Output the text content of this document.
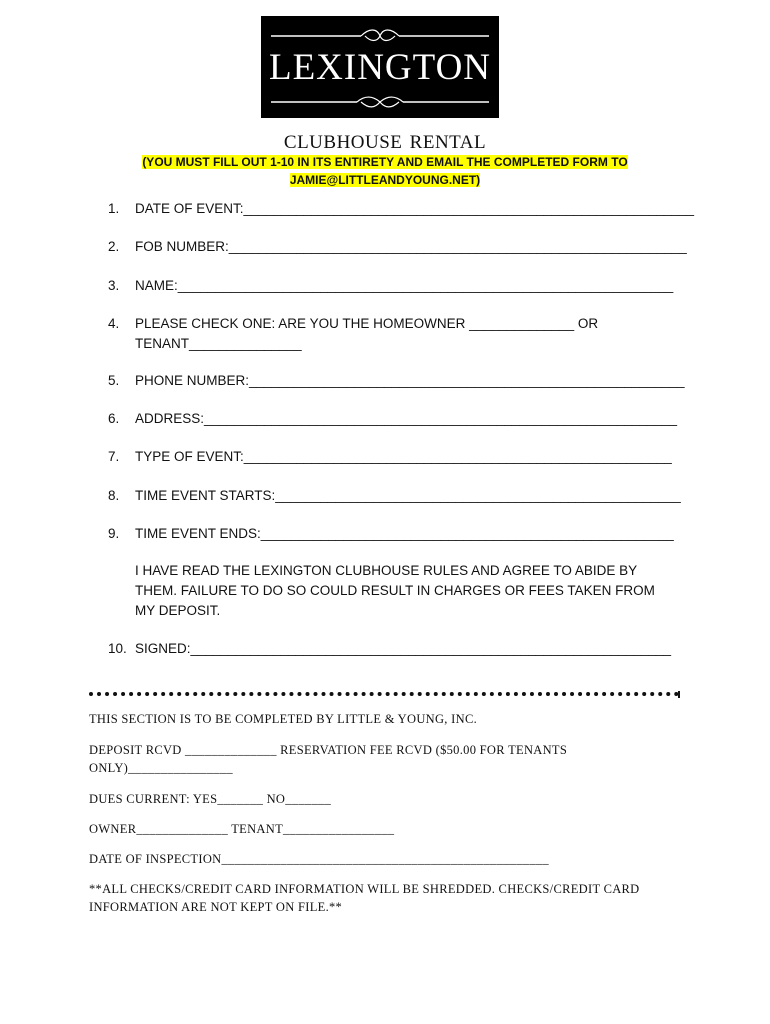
LEXINGTON
clubhouse rental
(YOU MUST FILL OUT 1-10 IN ITS ENTIRETY AND EMAIL THE COMPLETED FORM TO
JAMIE@LITTLEANDYOUNG.NET)
1. DATE OF EVENT:____________________________________________________________
2. FOB NUMBER:_____________________________________________________________
3. NAME:__________________________________________________________________
4. PLEASE CHECK ONE: ARE YOU THE HOMEOWNER ______________ OR
TENANT_______________
5. PHONE NUMBER:__________________________________________________________
6. ADDRESS:_______________________________________________________________
7. TYPE OF EVENT:_________________________________________________________
8. TIME EVENT STARTS:______________________________________________________
9. TIME EVENT ENDS:_______________________________________________________
I HAVE READ THE LEXINGTON CLUBHOUSE RULES AND AGREE TO ABIDE BY THEM. FAILURE TO DO SO COULD RESULT IN CHARGES OR FEES TAKEN FROM MY DEPOSIT.
10. SIGNED:________________________________________________________________
THIS SECTION IS TO BE COMPLETED BY LITTLE & YOUNG, INC.
DEPOSIT RCVD ______________ RESERVATION FEE RCVD ($50.00 FOR TENANTS ONLY)________________
DUES CURRENT: YES_______ NO_______
OWNER______________ TENANT_________________
DATE OF INSPECTION__________________________________________________
**ALL CHECKS/CREDIT CARD INFORMATION WILL BE SHREDDED. CHECKS/CREDIT CARD INFORMATION ARE NOT KEPT ON FILE.**
